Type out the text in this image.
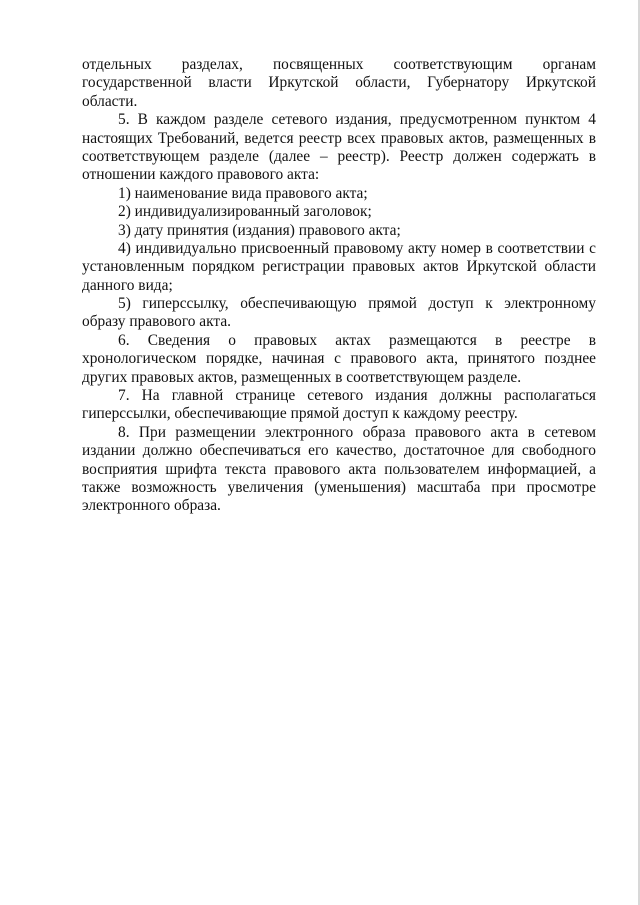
отдельных разделах, посвященных соответствующим органам
государственной власти Иркутской области, Губернатору Иркутской
области.
5. В каждом разделе сетевого издания, предусмотренном пунктом 4
настоящих Требований, ведется реестр всех правовых актов, размещенных в
соответствующем разделе (далее – реестр). Реестр должен содержать в
отношении каждого правового акта:
1) наименование вида правового акта;
2) индивидуализированный заголовок;
3) дату принятия (издания) правового акта;
4) индивидуально присвоенный правовому акту номер в соответствии с
установленным порядком регистрации правовых актов Иркутской области
данного вида;
5) гиперссылку, обеспечивающую прямой доступ к электронному
образу правового акта.
6. Сведения о правовых актах размещаются в реестре в
хронологическом порядке, начиная с правового акта, принятого позднее
других правовых актов, размещенных в соответствующем разделе.
7. На главной странице сетевого издания должны располагаться
гиперссылки, обеспечивающие прямой доступ к каждому реестру.
8. При размещении электронного образа правового акта в сетевом
издании должно обеспечиваться его качество, достаточное для свободного
восприятия шрифта текста правового акта пользователем информацией, а
также возможность увеличения (уменьшения) масштаба при просмотре
электронного образа.
